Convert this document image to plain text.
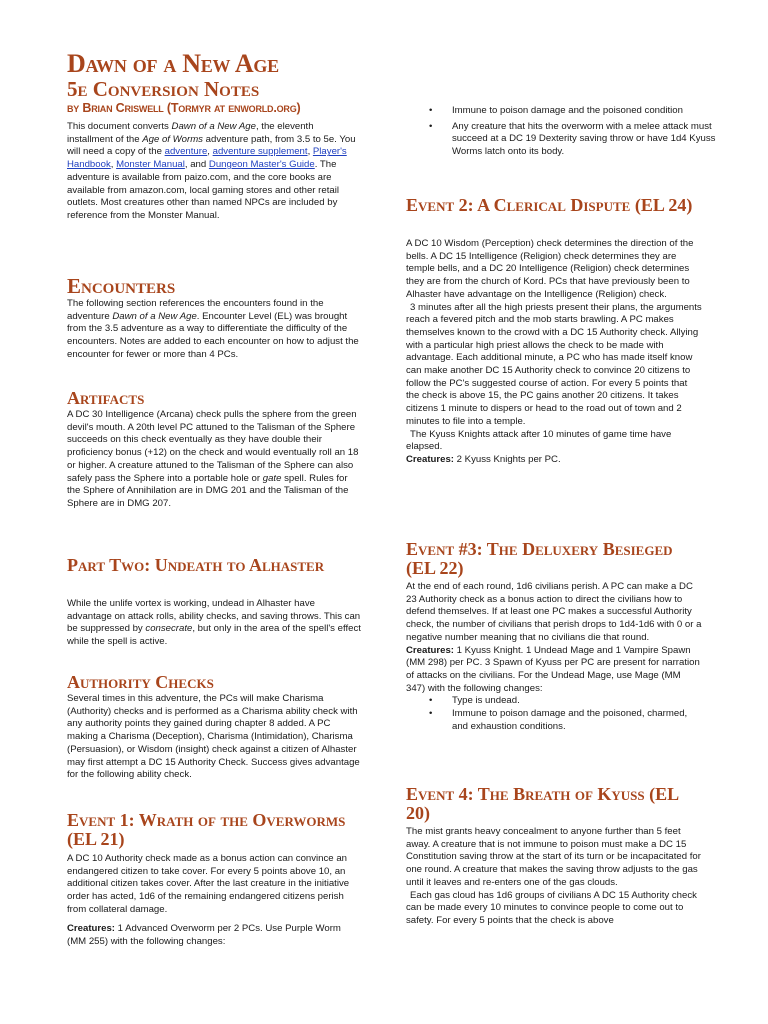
Dawn of a New Age
5e Conversion Notes
by Brian Criswell (Tormyr at enworld.org)

This document converts Dawn of a New Age, the eleventh installment of the Age of Worms adventure path, from 3.5 to 5e. You will need a copy of the adventure, adventure supplement, Player's Handbook, Monster Manual, and Dungeon Master's Guide. The adventure is available from paizo.com, and the core books are available from amazon.com, local gaming stores and other retail outlets. Most creatures other than named NPCs are included by reference from the Monster Manual.

Encounters

The following section references the encounters found in the adventure Dawn of a New Age. Encounter Level (EL) was brought from the 3.5 adventure as a way to differentiate the difficulty of the encounters. Notes are added to each encounter on how to adjust the encounter for fewer or more than 4 PCs.

Artifacts

A DC 30 Intelligence (Arcana) check pulls the sphere from the green devil's mouth. A 20th level PC attuned to the Talisman of the Sphere succeeds on this check eventually as they have double their proficiency bonus (+12) on the check and would eventually roll an 18 or higher. A creature attuned to the Talisman of the Sphere can also safely pass the Sphere into a portable hole or gate spell. Rules for the Sphere of Annihilation are in DMG 201 and the Talisman of the Sphere are in DMG 207.

Part Two: Undeath to Alhaster

While the unlife vortex is working, undead in Alhaster have advantage on attack rolls, ability checks, and saving throws. This can be suppressed by consecrate, but only in the area of the spell's effect while the spell is active.

Authority Checks

Several times in this adventure, the PCs will make Charisma (Authority) checks and is performed as a Charisma ability check with any authority points they gained during chapter 8 added. A PC making a Charisma (Deception), Charisma (Intimidation), Charisma (Persuasion), or Wisdom (insight) check against a citizen of Alhaster may first attempt a DC 15 Authority Check. Success gives advantage for the following ability check.

Event 1: Wrath of the Overworms (EL 21)

A DC 10 Authority check made as a bonus action can convince an endangered citizen to take cover. For every 5 points above 10, an additional citizen takes cover. After the last creature in the initiative order has acted, 1d6 of the remaining endangered citizens perish from collateral damage.

Creatures: 1 Advanced Overworm per 2 PCs. Use Purple Worm (MM 255) with the following changes:

• Immune to poison damage and the poisoned condition
• Any creature that hits the overworm with a melee attack must succeed at a DC 19 Dexterity saving throw or have 1d4 Kyuss Worms latch onto its body.
Event 2: A Clerical Dispute (EL 24)

A DC 10 Wisdom (Perception) check determines the direction of the bells. A DC 15 Intelligence (Religion) check determines they are temple bells, and a DC 20 Intelligence (Religion) check determines they are from the church of Kord. PCs that have previously been to Alhaster have advantage on the Intelligence (Religion) check.

3 minutes after all the high priests present their plans, the arguments reach a fevered pitch and the mob starts brawling. A PC makes themselves known to the crowd with a DC 15 Authority check. Allying with a particular high priest allows the check to be made with advantage. Each additional minute, a PC who has made itself know can make another DC 15 Authority check to convince 20 citizens to follow the PC's suggested course of action. For every 5 points that the check is above 15, the PC gains another 20 citizens. It takes citizens 1 minute to dispers or head to the road out of town and 2 minutes to file into a temple.

The Kyuss Knights attack after 10 minutes of game time have elapsed.

Creatures: 2 Kyuss Knights per PC.

Event #3: The Deluxery Besieged (EL 22)

At the end of each round, 1d6 civilians perish. A PC can make a DC 23 Authority check as a bonus action to direct the civilians how to defend themselves. If at least one PC makes a successful Authority check, the number of civilians that perish drops to 1d4-1d6 with 0 or a negative number meaning that no civilians die that round.

Creatures: 1 Kyuss Knight. 1 Undead Mage and 1 Vampire Spawn (MM 298) per PC. 3 Spawn of Kyuss per PC are present for narration of attacks on the civilians. For the Undead Mage, use Mage (MM 347) with the following changes:

• Type is undead.
• Immune to poison damage and the poisoned, charmed, and exhaustion conditions.
Event 4: The Breath of Kyuss (EL 20)

The mist grants heavy concealment to anyone further than 5 feet away. A creature that is not immune to poison must make a DC 15 Constitution saving throw at the start of its turn or be incapacitated for one round. A creature that makes the saving throw adjusts to the gas until it leaves and re-enters one of the gas clouds.

Each gas cloud has 1d6 groups of civilians A DC 15 Authority check can be made every 10 minutes to convince people to come out to safety. For every 5 points that the check is above
